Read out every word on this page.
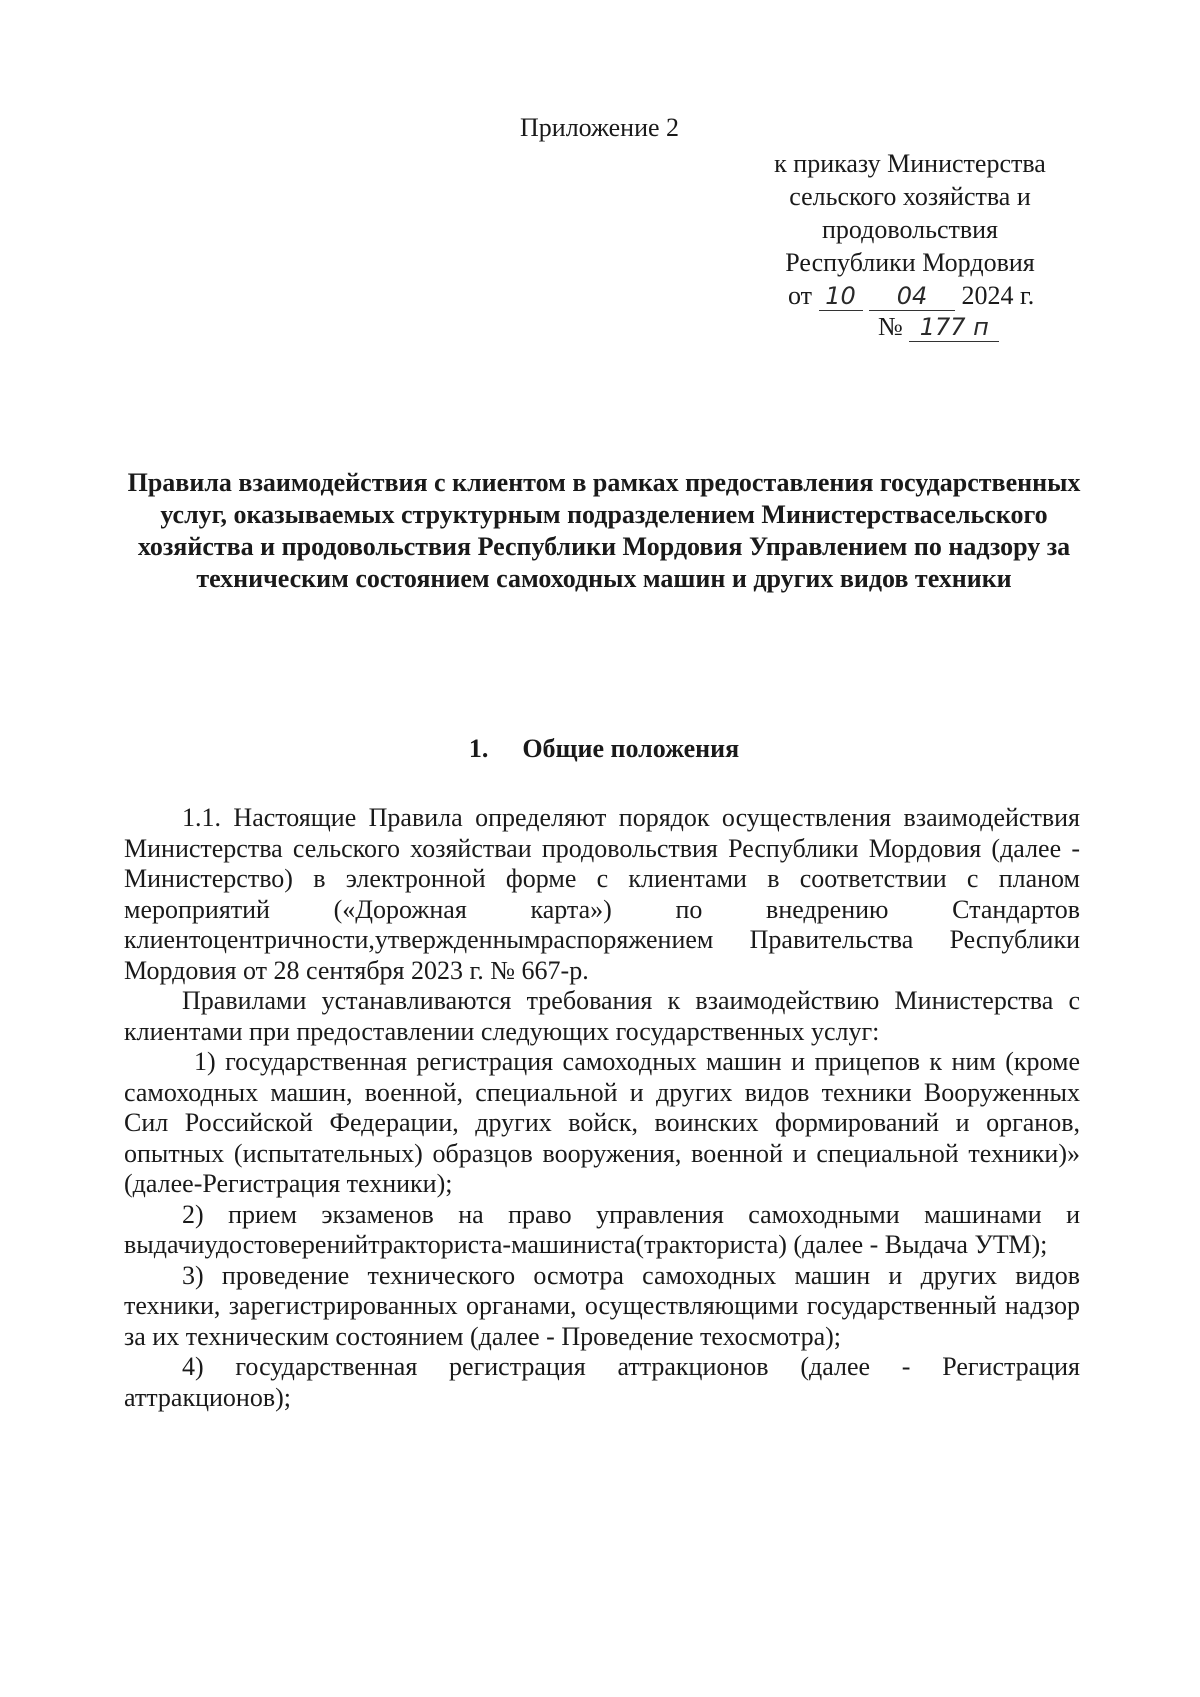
Приложение 2
к приказу Министерства
сельского хозяйства и
продовольствия
Республики Мордовия
от 10 04 2024 г.
№ 177 п
Правила взаимодействия с клиентом в рамках предоставления государственных услуг, оказываемых структурным подразделением Министерствасельского хозяйства и продовольствия Республики Мордовия Управлением по надзору за техническим состоянием самоходных машин и других видов техники
1. Общие положения

1.1. Настоящие Правила определяют порядок осуществления взаимодействия Министерства сельского хозяйстваи продовольствия Республики Мордовия (далее - Министерство) в электронной форме с клиентами в соответствии с планом мероприятий («Дорожная карта») по внедрению Стандартов клиентоцентричности,утвержденнымраспоряжением Правительства Республики Мордовия от 28 сентября 2023 г. № 667-р.

Правилами устанавливаются требования к взаимодействию Министерства с клиентами при предоставлении следующих государственных услуг:

1) государственная регистрация самоходных машин и прицепов к ним (кроме самоходных машин, военной, специальной и других видов техники Вооруженных Сил Российской Федерации, других войск, воинских формирований и органов, опытных (испытательных) образцов вооружения, военной и специальной техники)» (далее-Регистрация техники);

2) прием экзаменов на право управления самоходными машинами и выдачиудостоверенийтракториста-машиниста(тракториста) (далее - Выдача УТМ);

3) проведение технического осмотра самоходных машин и других видов техники, зарегистрированных органами, осуществляющими государственный надзор за их техническим состоянием (далее - Проведение техосмотра);

4) государственная регистрация аттракционов (далее - Регистрация аттракционов);
